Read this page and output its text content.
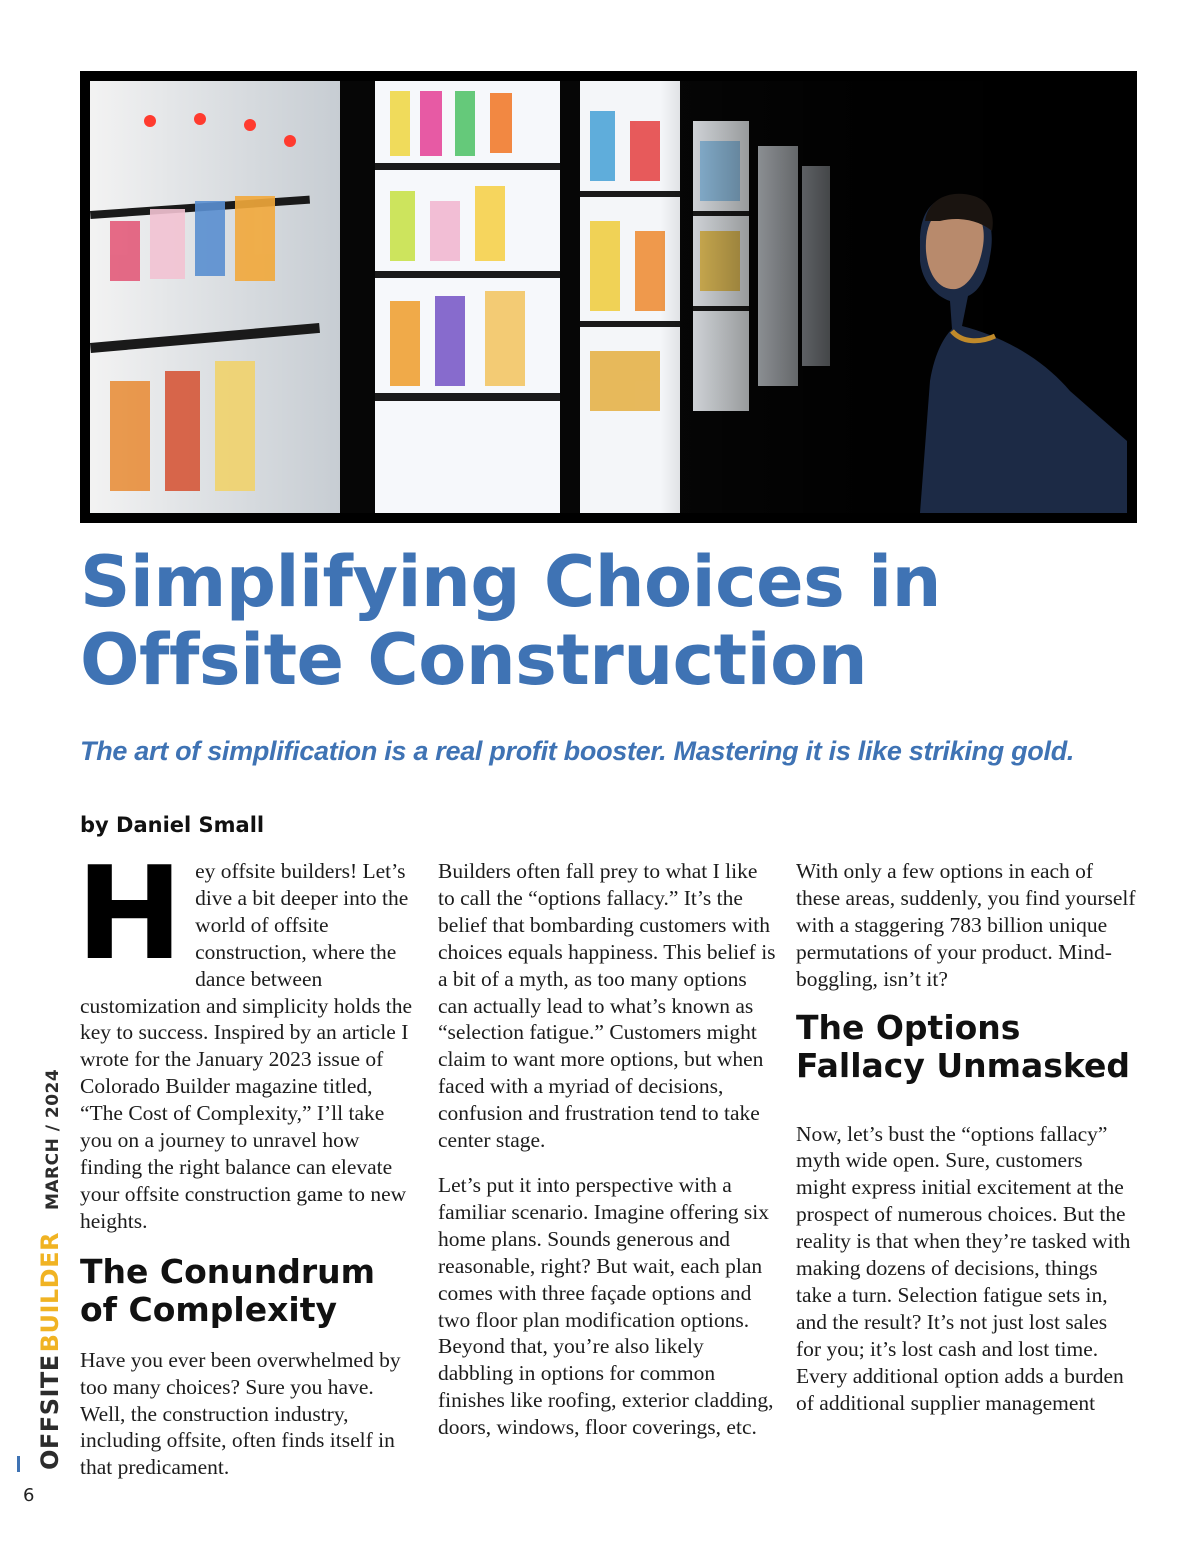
Simplifying Choices in Offsite Construction

The art of simplification is a real profit booster. Mastering it is like striking gold.

by Daniel Small

Hey offsite builders! Let’s dive a bit deeper into the world of offsite construction, where the dance between customization and simplicity holds the key to success. Inspired by an article I wrote for the January 2023 issue of Colorado Builder magazine titled, “The Cost of Complexity,” I’ll take you on a journey to unravel how finding the right balance can elevate your offsite construction game to new heights.

The Conundrum of Complexity

Have you ever been overwhelmed by too many choices? Sure you have. Well, the construction industry, including offsite, often finds itself in that predicament.

Builders often fall prey to what I like to call the “options fallacy.” It’s the belief that bombarding customers with choices equals happiness. This belief is a bit of a myth, as too many options can actually lead to what’s known as “selection fatigue.” Customers might claim to want more options, but when faced with a myriad of decisions, confusion and frustration tend to take center stage.

Let’s put it into perspective with a familiar scenario. Imagine offering six home plans. Sounds generous and reasonable, right? But wait, each plan comes with three façade options and two floor plan modification options. Beyond that, you’re also likely dabbling in options for common finishes like roofing, exterior cladding, doors, windows, floor coverings, etc.

With only a few options in each of these areas, suddenly, you find yourself with a staggering 783 billion unique permutations of your product. Mind-boggling, isn’t it?

The Options Fallacy Unmasked

Now, let’s bust the “options fallacy” myth wide open. Sure, customers might express initial excitement at the prospect of numerous choices. But the reality is that when they’re tasked with making dozens of decisions, things take a turn. Selection fatigue sets in, and the result? It’s not just lost sales for you; it’s lost cash and lost time. Every additional option adds a burden of additional supplier management

OFFSITEBUILDERMARCH / 2024
6
